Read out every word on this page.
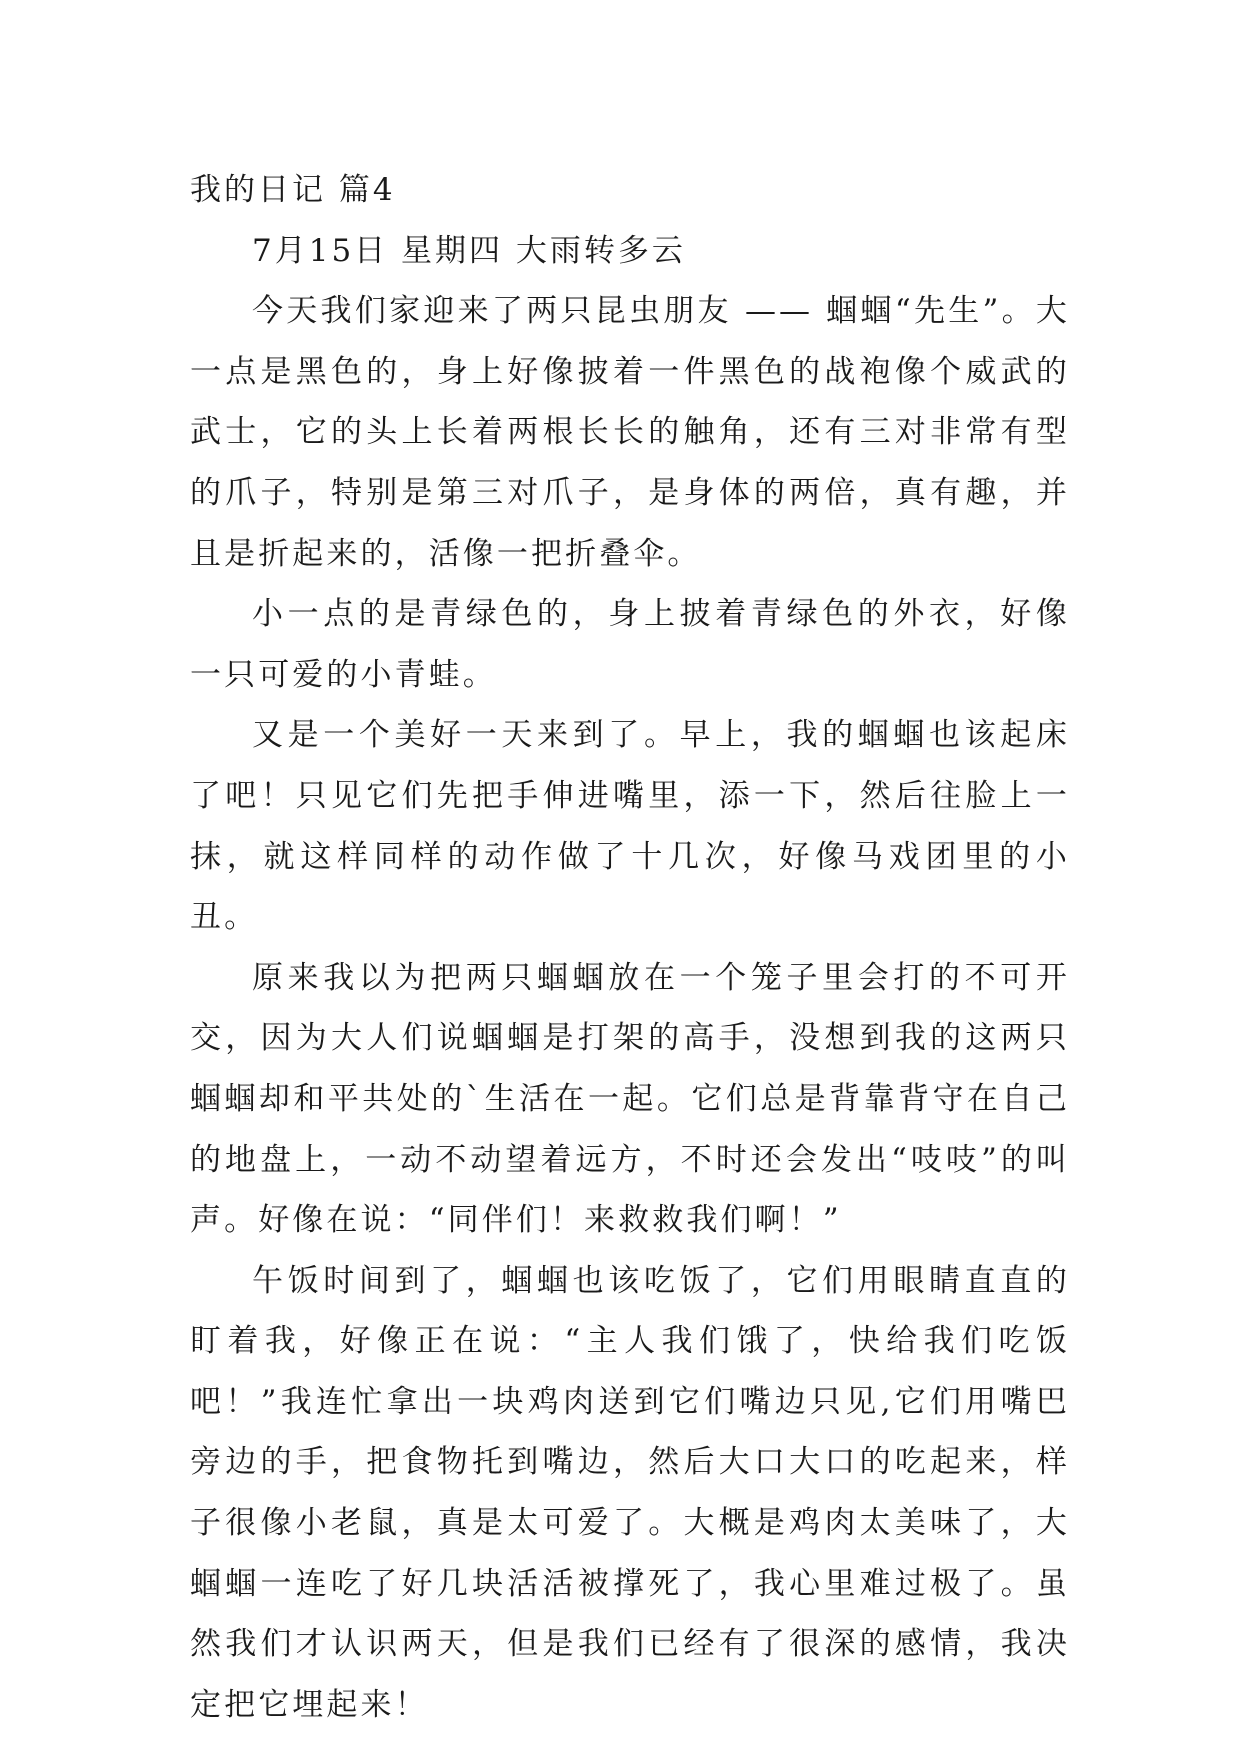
我的日记 篇4

7月15日 星期四 大雨转多云

今天我们家迎来了两只昆虫朋友 —— 蝈蝈“先生”。大一点是黑色的，身上好像披着一件黑色的战袍像个威武的武士，它的头上长着两根长长的触角，还有三对非常有型的爪子，特别是第三对爪子，是身体的两倍，真有趣，并且是折起来的，活像一把折叠伞。

小一点的是青绿色的，身上披着青绿色的外衣，好像一只可爱的小青蛙。

又是一个美好一天来到了。早上，我的蝈蝈也该起床了吧！只见它们先把手伸进嘴里，添一下，然后往脸上一抹，就这样同样的动作做了十几次，好像马戏团里的小丑。

原来我以为把两只蝈蝈放在一个笼子里会打的不可开交，因为大人们说蝈蝈是打架的高手，没想到我的这两只蝈蝈却和平共处的`生活在一起。它们总是背靠背守在自己的地盘上，一动不动望着远方，不时还会发出“吱吱”的叫声。好像在说：“同伴们！来救救我们啊！”

午饭时间到了，蝈蝈也该吃饭了，它们用眼睛直直的盯着我，好像正在说：“主人我们饿了，快给我们吃饭吧！”我连忙拿出一块鸡肉送到它们嘴边只见,它们用嘴巴旁边的手，把食物托到嘴边，然后大口大口的吃起来，样子很像小老鼠，真是太可爱了。大概是鸡肉太美味了，大蝈蝈一连吃了好几块活活被撑死了，我心里难过极了。虽然我们才认识两天，但是我们已经有了很深的感情，我决定把它埋起来！
